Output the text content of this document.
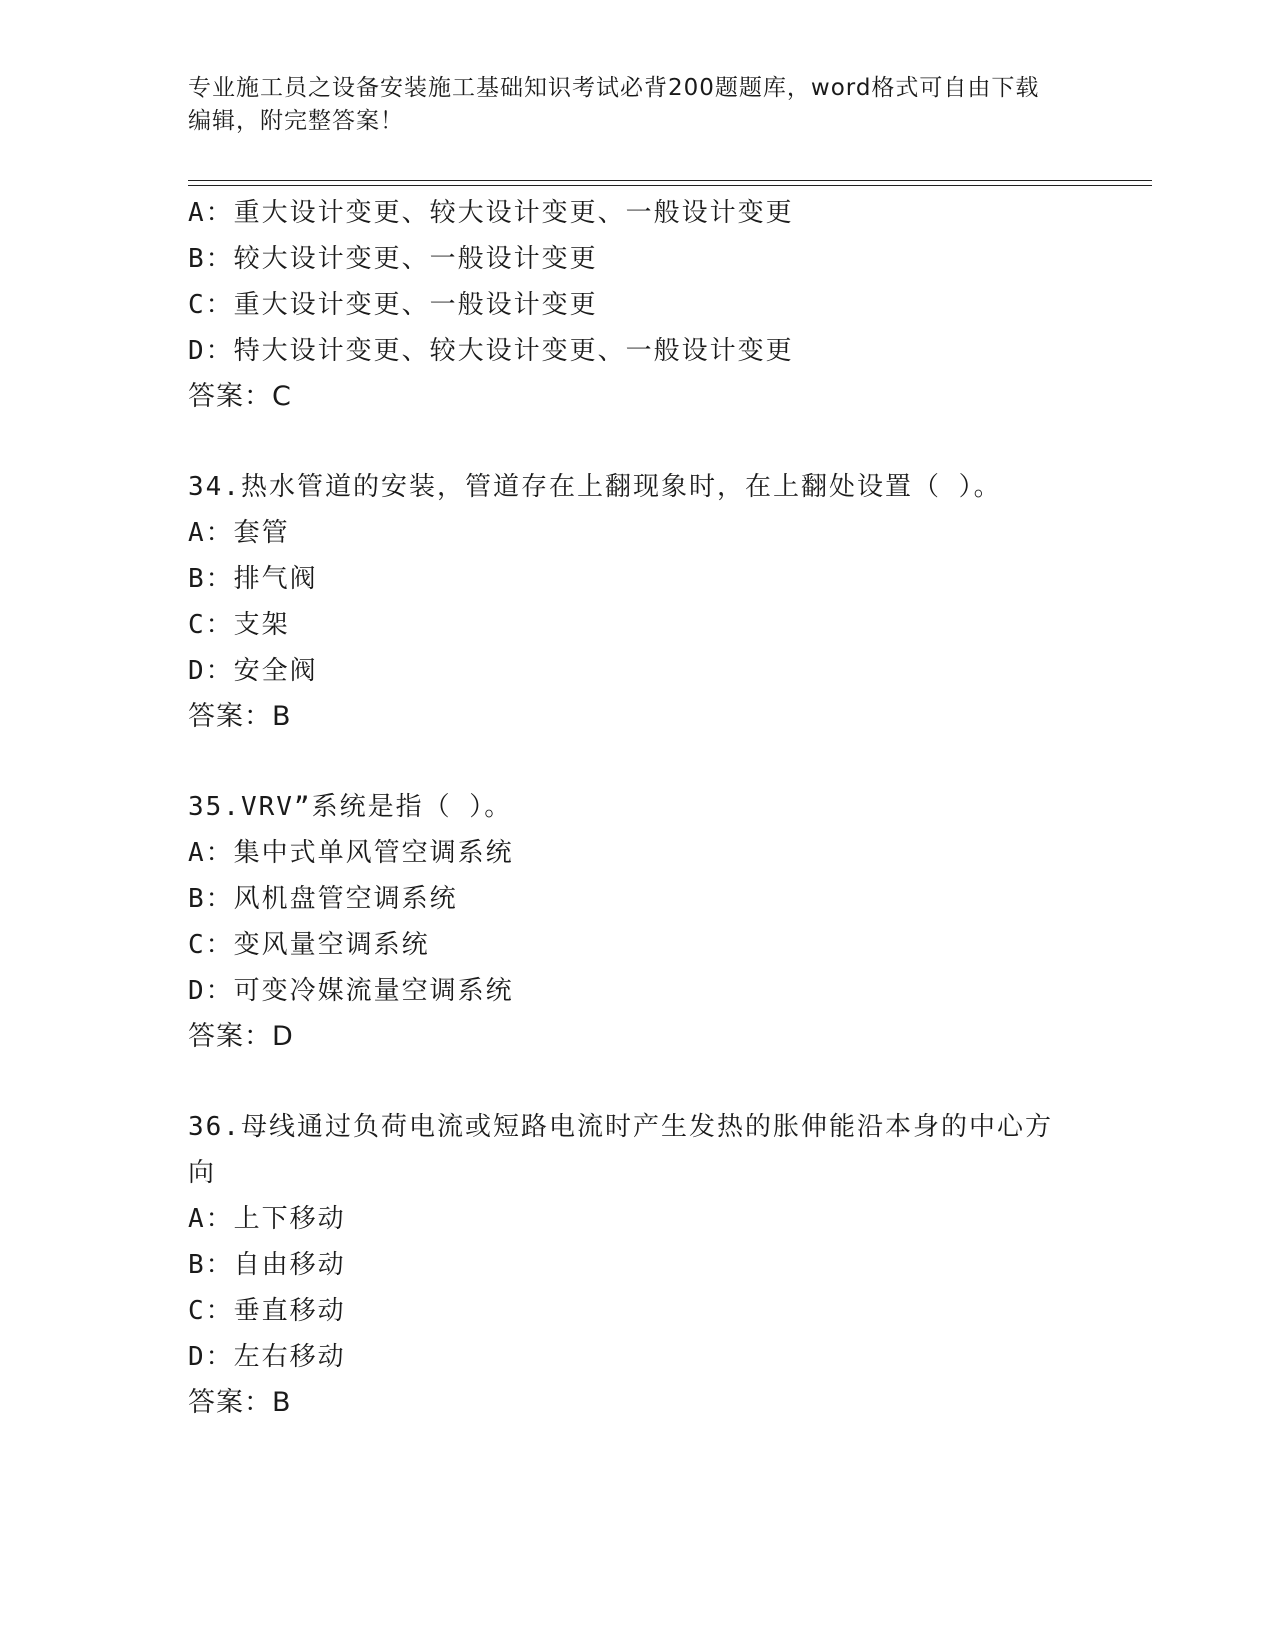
专业施工员之设备安装施工基础知识考试必背200题题库，word格式可自由下载
编辑，附完整答案！
A：重大设计变更、较大设计变更、一般设计变更
B：较大设计变更、一般设计变更
C：重大设计变更、一般设计变更
D：特大设计变更、较大设计变更、一般设计变更
答案：C
34.热水管道的安装，管道存在上翻现象时，在上翻处设置（ ）。
A：套管
B：排气阀
C：支架
D：安全阀
答案：B
35.VRV”系统是指（ ）。
A：集中式单风管空调系统
B：风机盘管空调系统
C：变风量空调系统
D：可变冷媒流量空调系统
答案：D
36.母线通过负荷电流或短路电流时产生发热的胀伸能沿本身的中心方
向
A：上下移动
B：自由移动
C：垂直移动
D：左右移动
答案：B
